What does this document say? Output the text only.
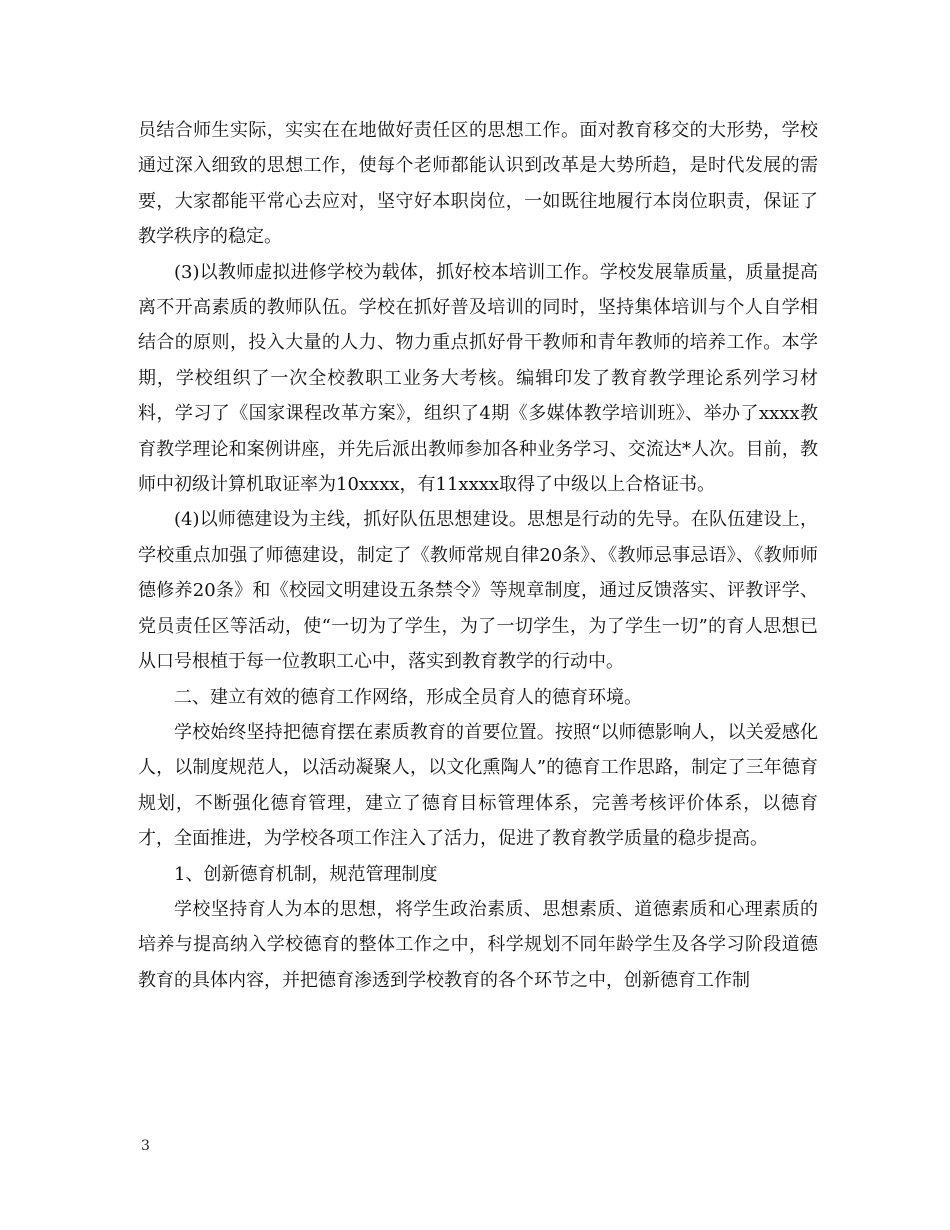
员结合师生实际，实实在在地做好责任区的思想工作。面对教育移交的大形势，学校通过深入细致的思想工作，使每个老师都能认识到改革是大势所趋，是时代发展的需要，大家都能平常心去应对，坚守好本职岗位，一如既往地履行本岗位职责，保证了教学秩序的稳定。

(3)以教师虚拟进修学校为载体，抓好校本培训工作。学校发展靠质量，质量提高离不开高素质的教师队伍。学校在抓好普及培训的同时，坚持集体培训与个人自学相结合的原则，投入大量的人力、物力重点抓好骨干教师和青年教师的培养工作。本学期，学校组织了一次全校教职工业务大考核。编辑印发了教育教学理论系列学习材料，学习了《国家课程改革方案》，组织了4期《多媒体教学培训班》、举办了xxxx教育教学理论和案例讲座，并先后派出教师参加各种业务学习、交流达*人次。目前，教师中初级计算机取证率为10xxxx，有11xxxx取得了中级以上合格证书。

(4)以师德建设为主线，抓好队伍思想建设。思想是行动的先导。在队伍建设上，学校重点加强了师德建设，制定了《教师常规自律20条》、《教师忌事忌语》、《教师师德修养20条》和《校园文明建设五条禁令》等规章制度，通过反馈落实、评教评学、党员责任区等活动，使“一切为了学生，为了一切学生，为了学生一切”的育人思想已从口号根植于每一位教职工心中，落实到教育教学的行动中。

二、建立有效的德育工作网络，形成全员育人的德育环境。

学校始终坚持把德育摆在素质教育的首要位置。按照“以师德影响人，以关爱感化人，以制度规范人，以活动凝聚人，以文化熏陶人”的德育工作思路，制定了三年德育规划，不断强化德育管理，建立了德育目标管理体系，完善考核评价体系，以德育才，全面推进，为学校各项工作注入了活力，促进了教育教学质量的稳步提高。

1、创新德育机制，规范管理制度

学校坚持育人为本的思想，将学生政治素质、思想素质、道德素质和心理素质的培养与提高纳入学校德育的整体工作之中，科学规划不同年龄学生及各学习阶段道德教育的具体内容，并把德育渗透到学校教育的各个环节之中，创新德育工作制

3
